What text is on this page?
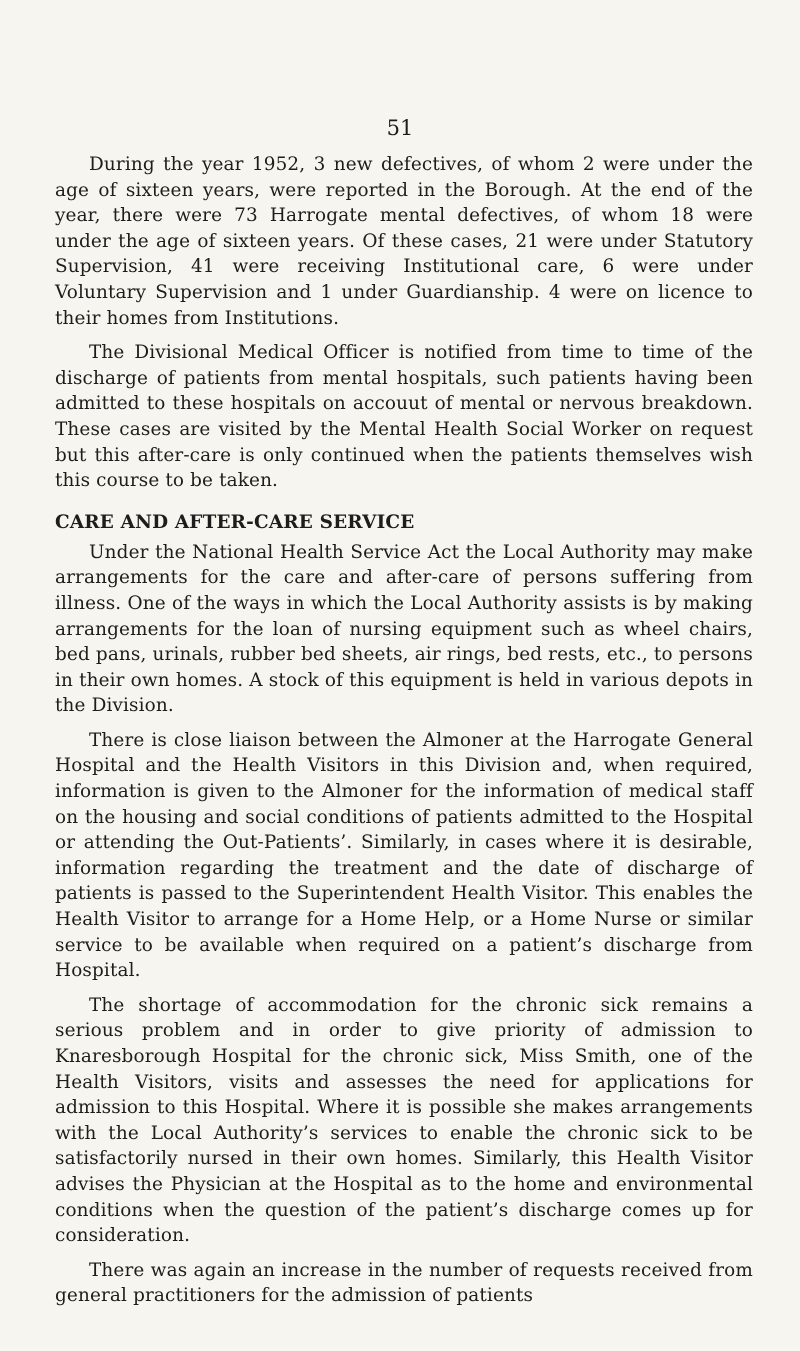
51

During the year 1952, 3 new defectives, of whom 2 were under the age of sixteen years, were reported in the Borough. At the end of the year, there were 73 Harrogate mental defectives, of whom 18 were under the age of sixteen years. Of these cases, 21 were under Statutory Supervision, 41 were receiving Institutional care, 6 were under Voluntary Supervision and 1 under Guardianship. 4 were on licence to their homes from Institutions.

The Divisional Medical Officer is notified from time to time of the discharge of patients from mental hospitals, such patients having been admitted to these hospitals on accouut of mental or nervous breakdown. These cases are visited by the Mental Health Social Worker on request but this after-care is only continued when the patients themselves wish this course to be taken.

CARE AND AFTER-CARE SERVICE

Under the National Health Service Act the Local Authority may make arrangements for the care and after-care of persons suffering from illness. One of the ways in which the Local Authority assists is by making arrangements for the loan of nursing equipment such as wheel chairs, bed pans, urinals, rubber bed sheets, air rings, bed rests, etc., to persons in their own homes. A stock of this equipment is held in various depots in the Division.

There is close liaison between the Almoner at the Harrogate General Hospital and the Health Visitors in this Division and, when required, information is given to the Almoner for the information of medical staff on the housing and social conditions of patients admitted to the Hospital or attending the Out-Patients’. Similarly, in cases where it is desirable, information regarding the treatment and the date of discharge of patients is passed to the Superintendent Health Visitor. This enables the Health Visitor to arrange for a Home Help, or a Home Nurse or similar service to be available when required on a patient’s discharge from Hospital.

The shortage of accommodation for the chronic sick remains a serious problem and in order to give priority of admission to Knaresborough Hospital for the chronic sick, Miss Smith, one of the Health Visitors, visits and assesses the need for applications for admission to this Hospital. Where it is possible she makes arrangements with the Local Authority’s services to enable the chronic sick to be satisfactorily nursed in their own homes. Similarly, this Health Visitor advises the Physician at the Hospital as to the home and environmental conditions when the question of the patient’s discharge comes up for consideration.

There was again an increase in the number of requests received from general practitioners for the admission of patients
